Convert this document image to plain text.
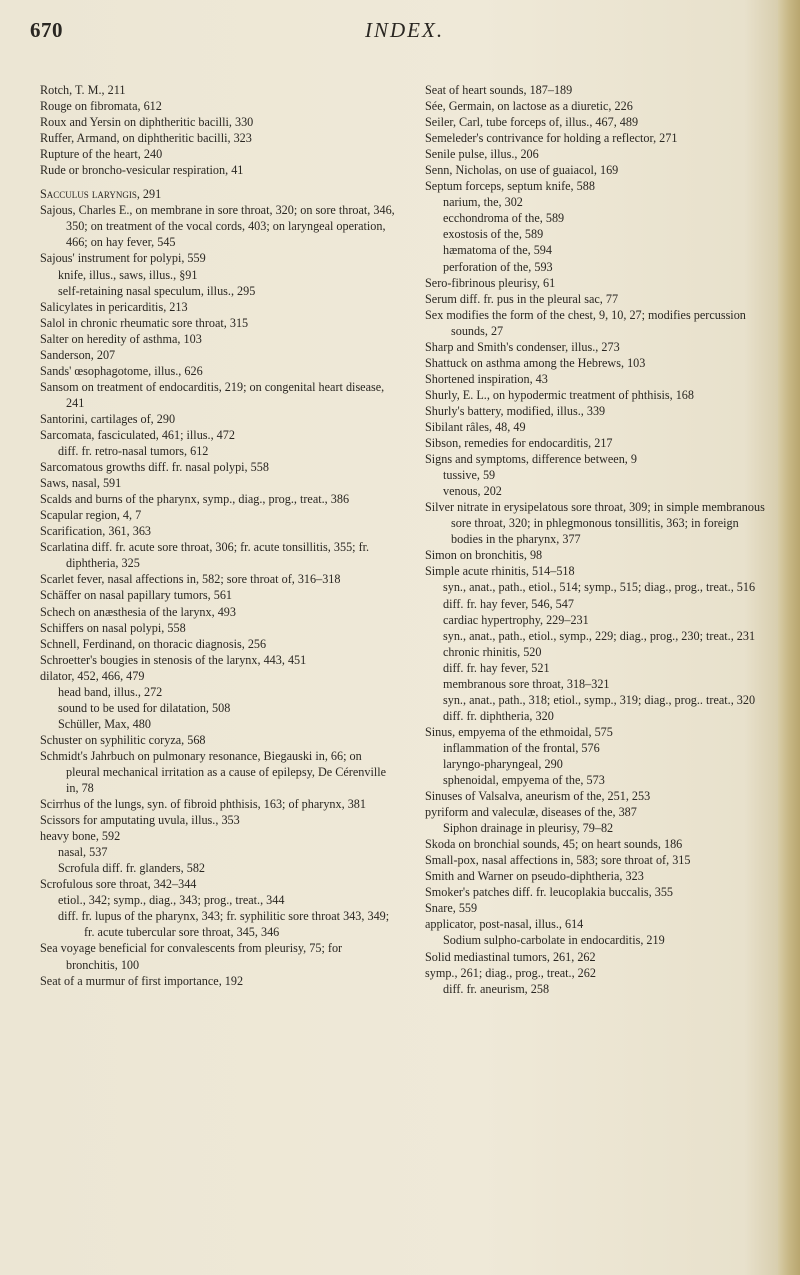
670	INDEX.
Rotch, T. M., 211
Rouge on fibromata, 612
Roux and Yersin on diphtheritic bacilli, 330
Ruffer, Armand, on diphtheritic bacilli, 323
Rupture of the heart, 240
Rude or broncho-vesicular respiration, 41
Sacculus laryngis, 291
Sajous, Charles E., on membrane in sore throat, 320; on sore throat, 346, 350; on treatment of the vocal cords, 403; on laryngeal operation, 466; on hay fever, 545
Sajous' instrument for polypi, 559
knife, illus., saws, illus., §91
self-retaining nasal speculum, illus., 295
Salicylates in pericarditis, 213
Salol in chronic rheumatic sore throat, 315
Salter on heredity of asthma, 103
Sanderson, 207
Sands' œsophagotome, illus., 626
Sansom on treatment of endocarditis, 219; on congenital heart disease, 241
Santorini, cartilages of, 290
Sarcomata, fasciculated, 461; illus., 472
diff. fr. retro-nasal tumors, 612
Sarcomatous growths diff. fr. nasal polypi, 558
Saws, nasal, 591
Scalds and burns of the pharynx, symp., diag., prog., treat., 386
Scapular region, 4, 7
Scarification, 361, 363
Scarlatina diff. fr. acute sore throat, 306; fr. acute tonsillitis, 355; fr. diphtheria, 325
Scarlet fever, nasal affections in, 582; sore throat of, 316–318
Schäffer on nasal papillary tumors, 561
Schech on anæsthesia of the larynx, 493
Schiffers on nasal polypi, 558
Schnell, Ferdinand, on thoracic diagnosis, 256
Schroetter's bougies in stenosis of the larynx, 443, 451
dilator, 452, 466, 479
head band, illus., 272
sound to be used for dilatation, 508
Schüller, Max, 480
Schuster on syphilitic coryza, 568
Schmidt's Jahrbuch on pulmonary resonance, Biegauski in, 66; on pleural mechanical irritation as a cause of epilepsy, De Cérenville in, 78
Scirrhus of the lungs, syn. of fibroid phthisis, 163; of pharynx, 381
Scissors for amputating uvula, illus., 353
heavy bone, 592
nasal, 537
Scrofula diff. fr. glanders, 582
Scrofulous sore throat, 342–344
etiol., 342; symp., diag., 343; prog., treat., 344
diff. fr. lupus of the pharynx, 343; fr. syphilitic sore throat 343, 349; fr. acute tubercular sore throat, 345, 346
Sea voyage beneficial for convalescents from pleurisy, 75; for bronchitis, 100
Seat of a murmur of first importance, 192
Seat of heart sounds, 187–189
Sée, Germain, on lactose as a diuretic, 226
Seiler, Carl, tube forceps of, illus., 467, 489
Semeleder's contrivance for holding a reflector, 271
Senile pulse, illus., 206
Senn, Nicholas, on use of guaiacol, 169
Septum forceps, septum knife, 588
narium, the, 302
ecchondroma of the, 589
exostosis of the, 589
hæmatoma of the, 594
perforation of the, 593
Sero-fibrinous pleurisy, 61
Serum diff. fr. pus in the pleural sac, 77
Sex modifies the form of the chest, 9, 10, 27; modifies percussion sounds, 27
Sharp and Smith's condenser, illus., 273
Shattuck on asthma among the Hebrews, 103
Shortened inspiration, 43
Shurly, E. L., on hypodermic treatment of phthisis, 168
Shurly's battery, modified, illus., 339
Sibilant râles, 48, 49
Sibson, remedies for endocarditis, 217
Signs and symptoms, difference between, 9
tussive, 59
venous, 202
Silver nitrate in erysipelatous sore throat, 309; in simple membranous sore throat, 320; in phlegmonous tonsillitis, 363; in foreign bodies in the pharynx, 377
Simon on bronchitis, 98
Simple acute rhinitis, 514–518
syn., anat., path., etiol., 514; symp., 515; diag., prog., treat., 516
diff. fr. hay fever, 546, 547
cardiac hypertrophy, 229–231
syn., anat., path., etiol., symp., 229; diag., prog., 230; treat., 231
chronic rhinitis, 520
diff. fr. hay fever, 521
membranous sore throat, 318–321
syn., anat., path., 318; etiol., symp., 319; diag., prog.. treat., 320
diff. fr. diphtheria, 320
Sinus, empyema of the ethmoidal, 575
inflammation of the frontal, 576
laryngo-pharyngeal, 290
sphenoidal, empyema of the, 573
Sinuses of Valsalva, aneurism of the, 251, 253
pyriform and valeculæ, diseases of the, 387
Siphon drainage in pleurisy, 79–82
Skoda on bronchial sounds, 45; on heart sounds, 186
Small-pox, nasal affections in, 583; sore throat of, 315
Smith and Warner on pseudo-diphtheria, 323
Smoker's patches diff. fr. leucoplakia buccalis, 355
Snare, 559
applicator, post-nasal, illus., 614
Sodium sulpho-carbolate in endocarditis, 219
Solid mediastinal tumors, 261, 262
symp., 261; diag., prog., treat., 262
diff. fr. aneurism, 258
